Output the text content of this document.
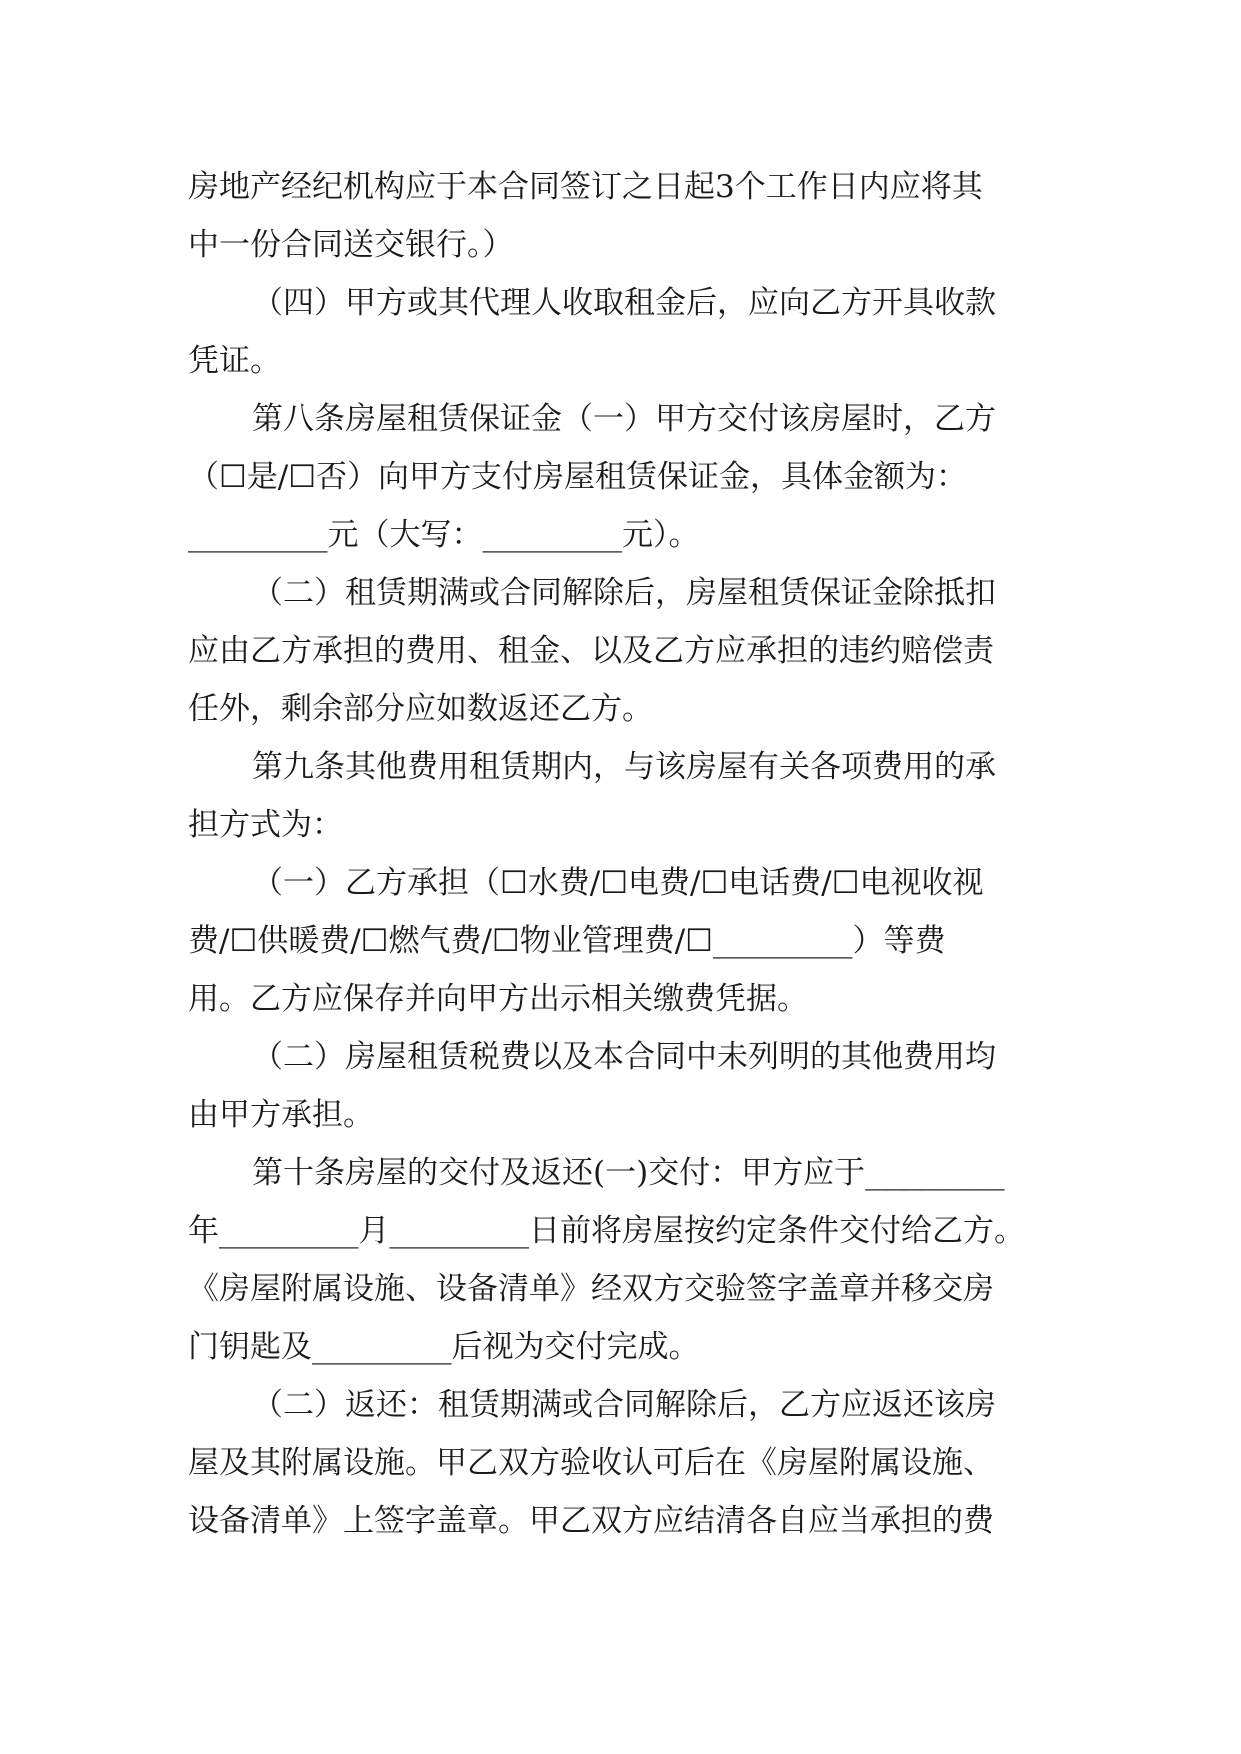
房地产经纪机构应于本合同签订之日起3个工作日内应将其
中一份合同送交银行。）
（四）甲方或其代理人收取租金后，应向乙方开具收款
凭证。
第八条房屋租赁保证金（一）甲方交付该房屋时，乙方
（☐是/☐否）向甲方支付房屋租赁保证金，具体金额为：
_________元（大写：_________元）。
（二）租赁期满或合同解除后，房屋租赁保证金除抵扣
应由乙方承担的费用、租金、以及乙方应承担的违约赔偿责
任外，剩余部分应如数返还乙方。
第九条其他费用租赁期内，与该房屋有关各项费用的承
担方式为：
（一）乙方承担（☐水费/☐电费/☐电话费/☐电视收视
费/☐供暖费/☐燃气费/☐物业管理费/☐_________）等费
用。乙方应保存并向甲方出示相关缴费凭据。
（二）房屋租赁税费以及本合同中未列明的其他费用均
由甲方承担。
第十条房屋的交付及返还(一)交付：甲方应于_________
年_________月_________日前将房屋按约定条件交付给乙方。
《房屋附属设施、设备清单》经双方交验签字盖章并移交房
门钥匙及_________后视为交付完成。
（二）返还：租赁期满或合同解除后，乙方应返还该房
屋及其附属设施。甲乙双方验收认可后在《房屋附属设施、
设备清单》上签字盖章。甲乙双方应结清各自应当承担的费
